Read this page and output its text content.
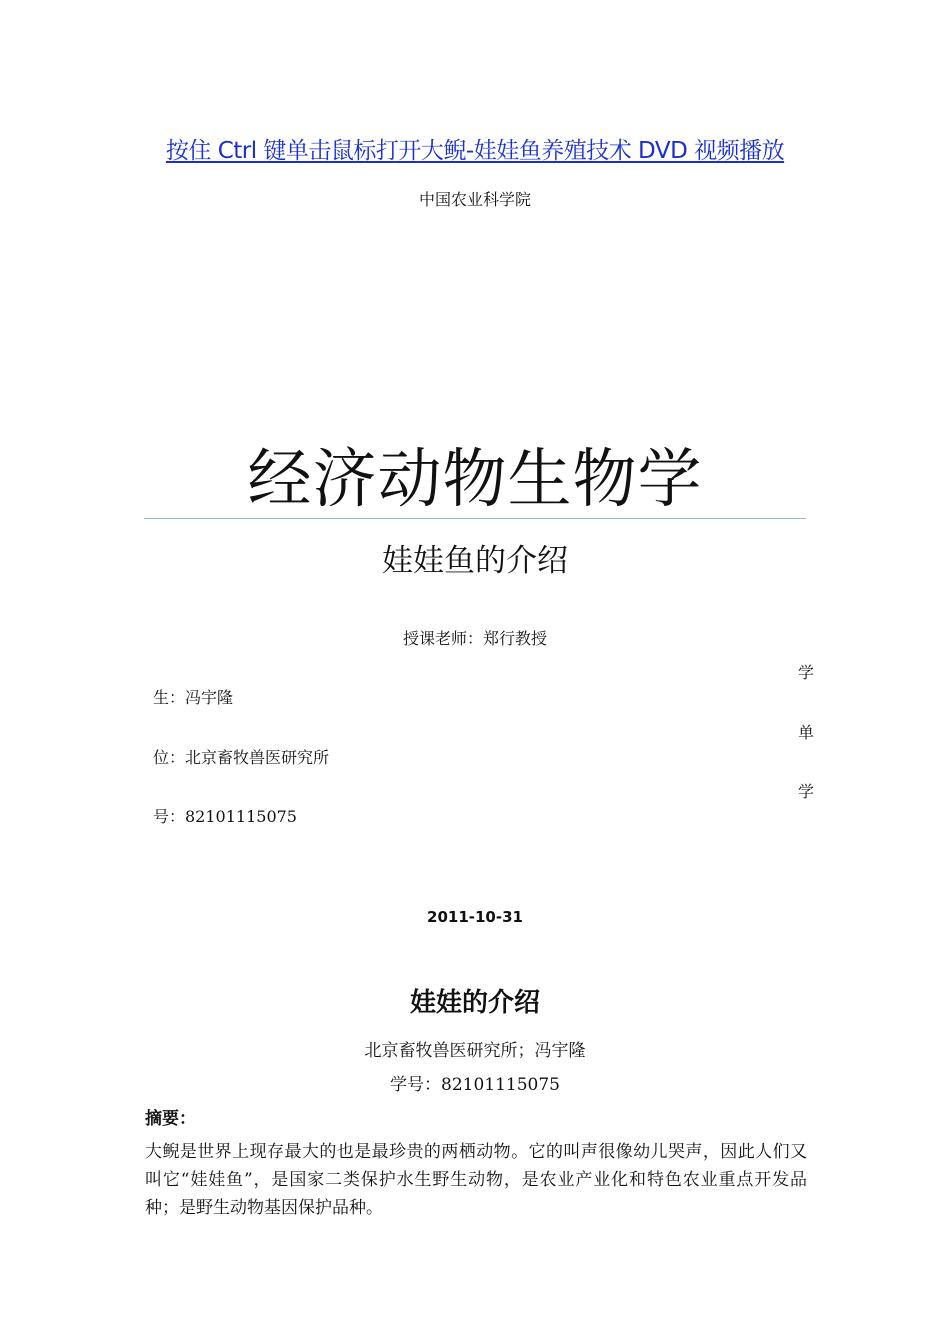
按住 Ctrl 键单击鼠标打开大鲵-娃娃鱼养殖技术 DVD 视频播放
中国农业科学院
经济动物生物学
娃娃鱼的介绍
授课老师：郑行教授
学
生：冯宇隆
单
位：北京畜牧兽医研究所
学
号：82101115075
2011-10-31
娃娃的介绍
北京畜牧兽医研究所；冯宇隆
学号：82101115075
摘要：
大鲵是世界上现存最大的也是最珍贵的两栖动物。它的叫声很像幼儿哭声，因此人们又叫它“娃娃鱼”，是国家二类保护水生野生动物，是农业产业化和特色农业重点开发品种；是野生动物基因保护品种。
